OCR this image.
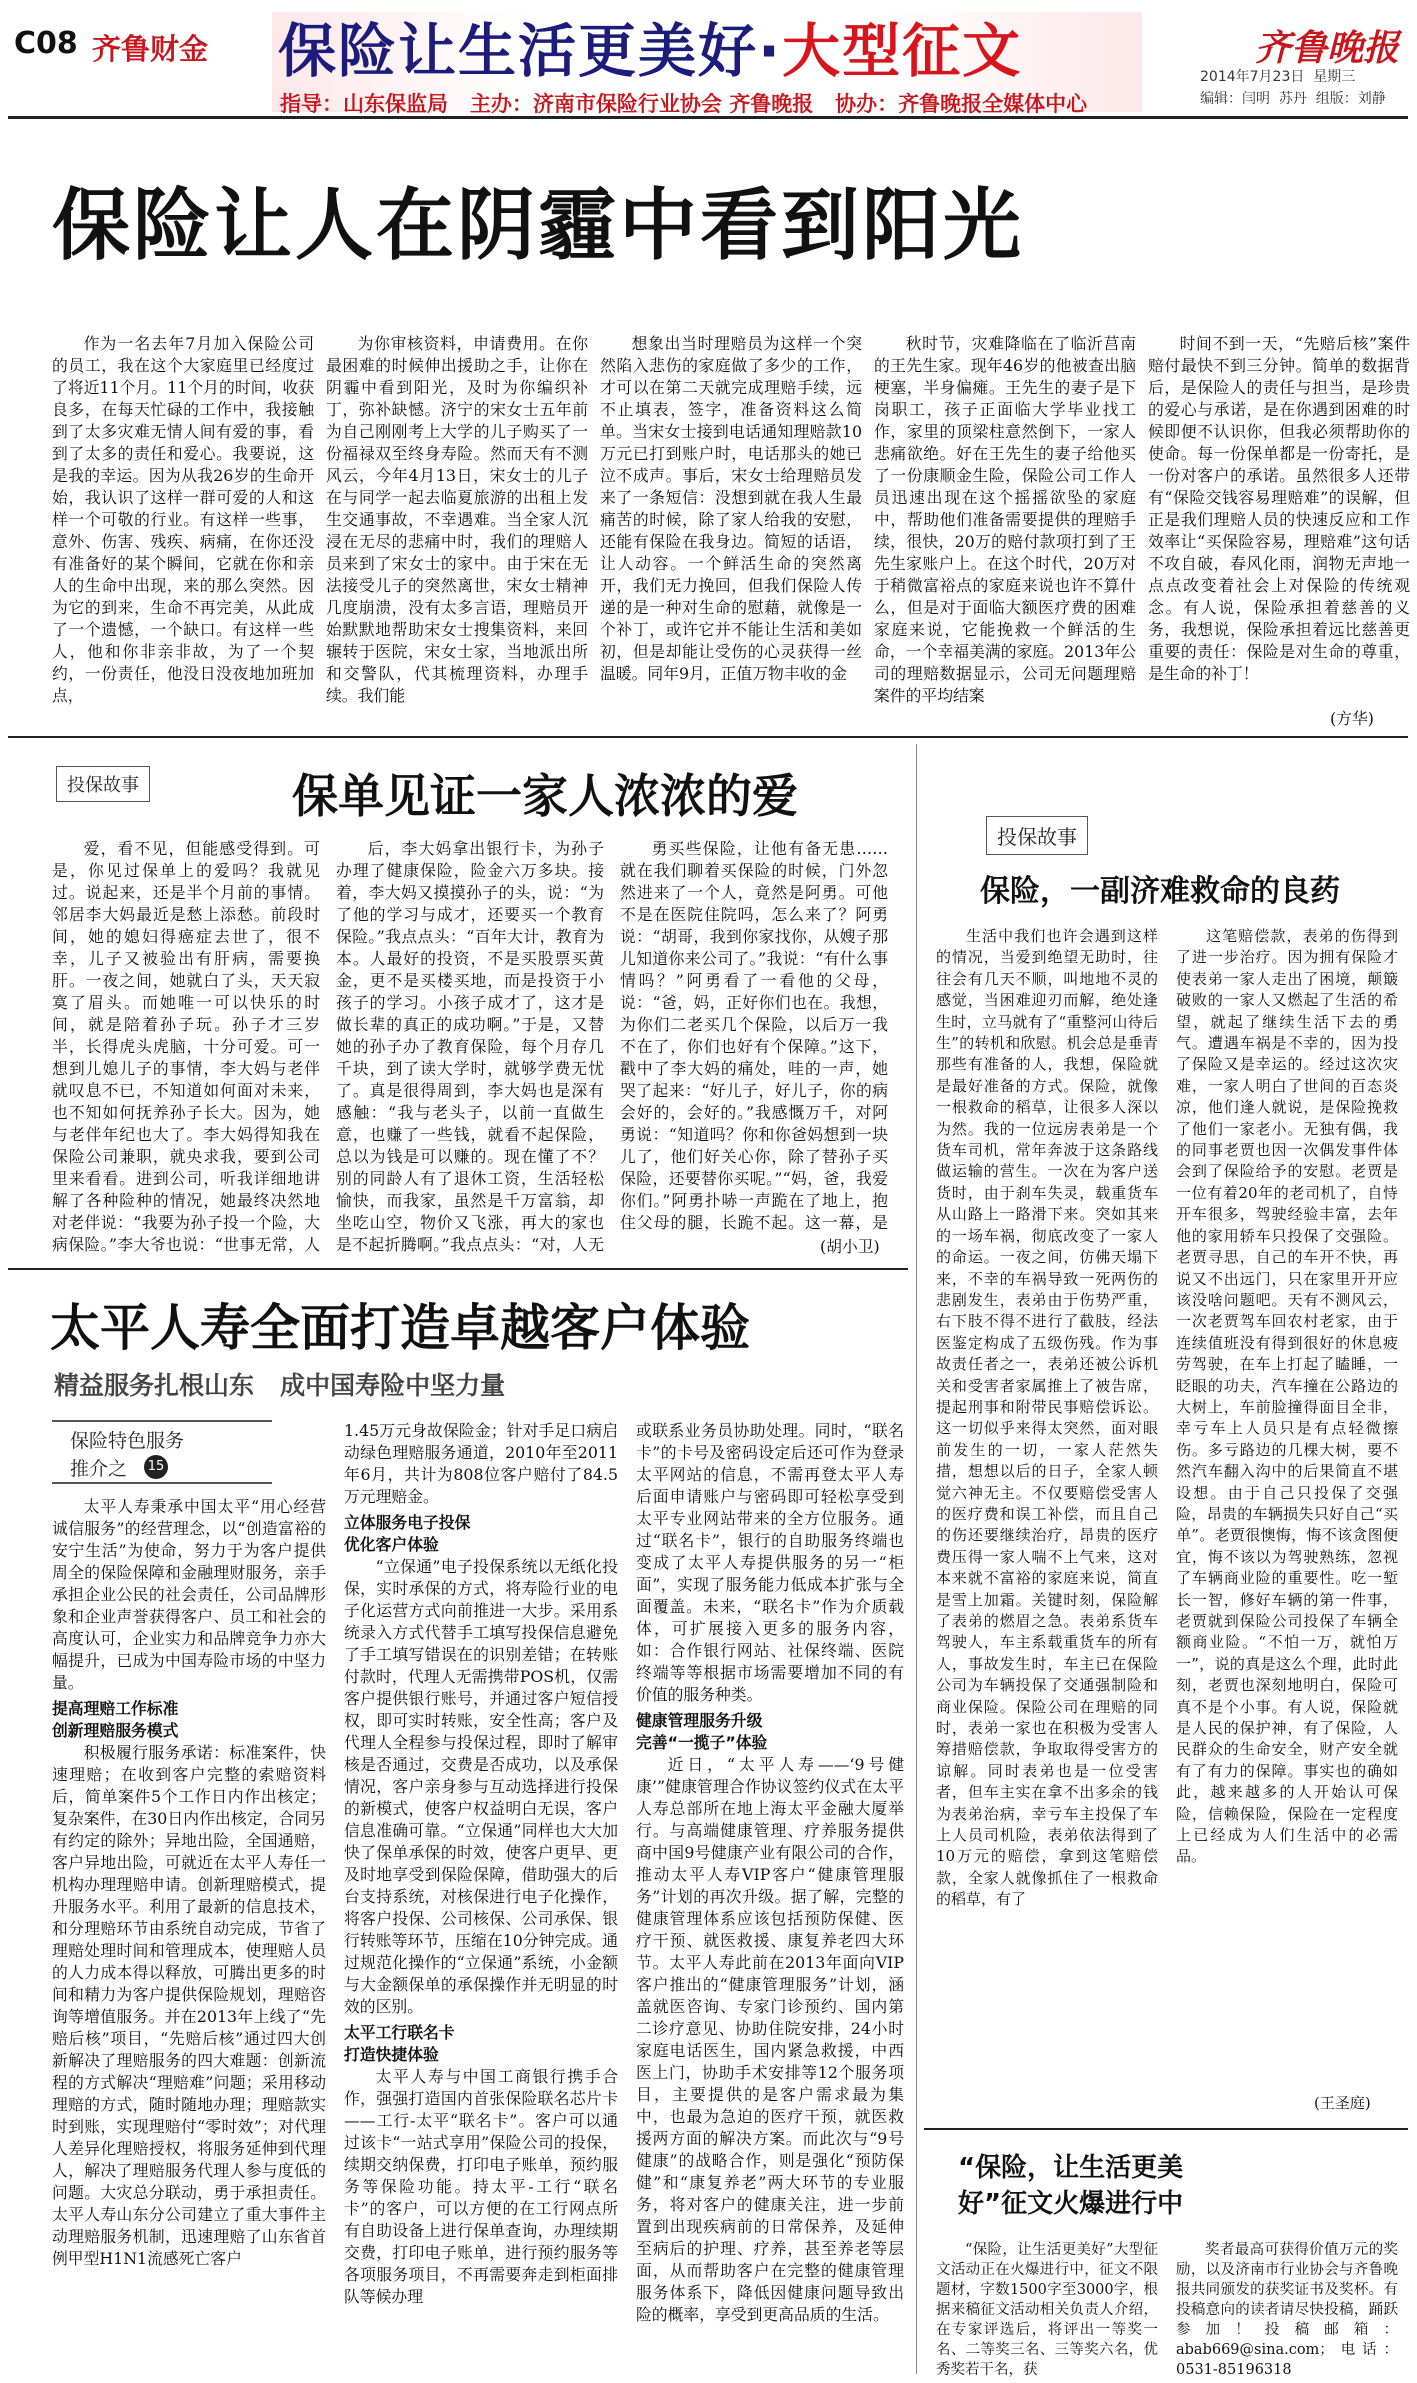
C08 齐鲁财金 保险让生活更美好·大型征文
指导：山东保监局   主办：济南市保险行业协会 齐鲁晚报   协办：齐鲁晚报全媒体中心
齐鲁晚报
2014年7月23日  星期三
编辑：闫明  苏丹  组版：刘静
保险让人在阴霾中看到阳光

作为一名去年7月加入保险公司的员工，我在这个大家庭里已经度过了将近11个月。11个月的时间，收获良多，在每天忙碌的工作中，我接触到了太多灾难无情人间有爱的事，看到了太多的责任和爱心。我要说，这是我的幸运。因为从我26岁的生命开始，我认识了这样一群可爱的人和这样一个可敬的行业。有这样一些事，意外、伤害、残疾、病痛，在你还没有准备好的某个瞬间，它就在你和亲人的生命中出现，来的那么突然。因为它的到来，生命不再完美，从此成了一个遗憾，一个缺口。有这样一些人，他和你非亲非故，为了一个契约，一份责任，他没日没夜地加班加点，

为你审核资料，申请费用。在你最困难的时候伸出援助之手，让你在阴霾中看到阳光，及时为你编织补丁，弥补缺憾。济宁的宋女士五年前为自己刚刚考上大学的儿子购买了一份福禄双至终身寿险。然而天有不测风云，今年4月13日，宋女士的儿子在与同学一起去临夏旅游的出租上发生交通事故，不幸遇难。当全家人沉浸在无尽的悲痛中时，我们的理赔人员来到了宋女士的家中。由于宋在无法接受儿子的突然离世，宋女士精神几度崩溃，没有太多言语，理赔员开始默默地帮助宋女士搜集资料，来回辗转于医院，宋女士家，当地派出所和交警队，代其梳理资料，办理手续。我们能

想象出当时理赔员为这样一个突然陷入悲伤的家庭做了多少的工作，才可以在第二天就完成理赔手续，远不止填表，签字，准备资料这么简单。当宋女士接到电话通知理赔款10万元已打到账户时，电话那头的她已泣不成声。事后，宋女士给理赔员发来了一条短信：没想到就在我人生最痛苦的时候，除了家人给我的安慰，还能有保险在我身边。简短的话语，让人动容。一个鲜活生命的突然离开，我们无力挽回，但我们保险人传递的是一种对生命的慰藉，就像是一个补丁，或许它并不能让生活和美如初，但是却能让受伤的心灵获得一丝温暖。同年9月，正值万物丰收的金

秋时节，灾难降临在了临沂莒南的王先生家。现年46岁的他被查出脑梗塞，半身偏瘫。王先生的妻子是下岗职工，孩子正面临大学毕业找工作，家里的顶梁柱意然倒下，一家人悲痛欲绝。好在王先生的妻子给他买了一份康顺金生险，保险公司工作人员迅速出现在这个摇摇欲坠的家庭中，帮助他们准备需要提供的理赔手续，很快，20万的赔付款项打到了王先生家账户上。在这个时代，20万对于稍微富裕点的家庭来说也许不算什么，但是对于面临大额医疗费的困难家庭来说，它能挽救一个鲜活的生命，一个幸福美满的家庭。2013年公司的理赔数据显示，公司无问题理赔案件的平均结案

时间不到一天，“先赔后核”案件赔付最快不到三分钟。简单的数据背后，是保险人的责任与担当，是珍贵的爱心与承诺，是在你遇到困难的时候即便不认识你，但我必须帮助你的使命。每一份保单都是一份寄托，是一份对客户的承诺。虽然很多人还带有“保险交钱容易理赔难”的误解，但正是我们理赔人员的快速反应和工作效率让“买保险容易，理赔难”这句话不攻自破，春风化雨，润物无声地一点点改变着社会上对保险的传统观念。有人说，保险承担着慈善的义务，我想说，保险承担着远比慈善更重要的责任：保险是对生命的尊重，是生命的补丁！

(方华)
投保故事	保单见证一家人浓浓的爱

爱，看不见，但能感受得到。可是，你见过保单上的爱吗？我就见过。说起来，还是半个月前的事情。邻居李大妈最近是愁上添愁。前段时间，她的媳妇得癌症去世了，很不幸，儿子又被验出有肝病，需要换肝。一夜之间，她就白了头，天天寂寞了眉头。而她唯一可以快乐的时间，就是陪着孙子玩。孙子才三岁半，长得虎头虎脑，十分可爱。可一想到儿媳儿子的事情，李大妈与老伴就叹息不已，不知道如何面对未来，也不知如何抚养孙子长大。因为，她与老伴年纪也大了。李大妈得知我在保险公司兼职，就央求我，要到公司里来看看。进到公司，听我详细地讲解了各种险种的情况，她最终决然地对老伴说：“我要为孙子投一个险，大病保险。”李大爷也说：“世事无常，人

后，李大妈拿出银行卡，为孙子办理了健康保险，险金六万多块。接着，李大妈又摸摸孙子的头，说：“为了他的学习与成才，还要买一个教育保险。”我点点头：“百年大计，教育为本。人最好的投资，不是买股票买黄金，更不是买楼买地，而是投资于小孩子的学习。小孩子成才了，这才是做长辈的真正的成功啊。”于是，又替她的孙子办了教育保险，每个月存几千块，到了读大学时，就够学费无忧了。真是很得周到，李大妈也是深有感触：“我与老头子，以前一直做生意，也赚了一些钱，就看不起保险，总以为钱是可以赚的。现在懂了不？别的同龄人有了退休工资，生活轻松愉快，而我家，虽然是千万富翁，却坐吃山空，物价又飞涨，再大的家也是不起折腾啊。”我点点头：“对，人无

勇买些保险，让他有备无患……就在我们聊着买保险的时候，门外忽然进来了一个人，竟然是阿勇。可他不是在医院住院吗，怎么来了？阿勇说：“胡哥，我到你家找你，从嫂子那儿知道你来公司了。”我说：“有什么事情吗？”阿勇看了一看他的父母，说：“爸，妈，正好你们也在。我想，为你们二老买几个保险，以后万一我不在了，你们也好有个保障。”这下，戳中了李大妈的痛处，哇的一声，她哭了起来：“好儿子，好儿子，你的病会好的，会好的。”我感慨万千，对阿勇说：“知道吗？你和你爸妈想到一块儿了，他们好关心你，除了替孙子买保险，还要替你买呢。”“妈，爸，我爱你们。”阿勇扑哧一声跪在了地上，抱住父母的腿，长跪不起。这一幕，是

(胡小卫)
投保故事
保险，一副济难救命的良药

生活中我们也许会遇到这样的情况，当爱到绝望无助时，往往会有几天不顺，叫地地不灵的感觉，当困难迎刃而解，绝处逢生时，立马就有了“重整河山待后生”的转机和欣慰。机会总是垂青那些有准备的人，我想，保险就是最好准备的方式。保险，就像一根救命的稻草，让很多人深以为然。我的一位远房表弟是一个货车司机，常年奔波于这条路线做运输的营生。一次在为客户送货时，由于刹车失灵，载重货车从山路上一路滑下来。突如其来的一场车祸，彻底改变了一家人的命运。一夜之间，仿佛天塌下来，不幸的车祸导致一死两伤的悲剧发生，表弟由于伤势严重，右下肢不得不进行了截肢，经法医鉴定构成了五级伤残。作为事故责任者之一，表弟还被公诉机关和受害者家属推上了被告席，提起刑事和附带民事赔偿诉讼。这一切似乎来得太突然，面对眼前发生的一切，一家人茫然失措，想想以后的日子，全家人顿觉六神无主。不仅要赔偿受害人的医疗费和误工补偿，而且自己的伤还要继续治疗，昂贵的医疗费压得一家人喘不上气来，这对本来就不富裕的家庭来说，简直是雪上加霜。关键时刻，保险解了表弟的燃眉之急。表弟系货车驾驶人，车主系载重货车的所有人，事故发生时，车主已在保险公司为车辆投保了交通强制险和商业保险。保险公司在理赔的同时，表弟一家也在积极为受害人筹措赔偿款，争取取得受害方的谅解。同时表弟也是一位受害者，但车主实在拿不出多余的钱为表弟治病，幸亏车主投保了车上人员司机险，表弟依法得到了10万元的赔偿，拿到这笔赔偿款，全家人就像抓住了一根救命的稻草，有了

这笔赔偿款，表弟的伤得到了进一步治疗。因为拥有保险才使表弟一家人走出了困境，颠簸破败的一家人又燃起了生活的希望，就起了继续生活下去的勇气。遭遇车祸是不幸的，因为投了保险又是幸运的。经过这次灾难，一家人明白了世间的百态炎凉，他们逢人就说，是保险挽救了他们一家老小。无独有偶，我的同事老贾也因一次偶发事件体会到了保险给予的安慰。老贾是一位有着20年的老司机了，自恃开车很多，驾驶经验丰富，去年他的家用轿车只投保了交强险。老贾寻思，自己的车开不快，再说又不出远门，只在家里开开应该没啥问题吧。天有不测风云，一次老贾驾车回农村老家，由于连续值班没有得到很好的休息疲劳驾驶，在车上打起了瞌睡，一眨眼的功夫，汽车撞在公路边的大树上，车前脸撞得面目全非，幸亏车上人员只是有点轻微擦伤。多亏路边的几棵大树，要不然汽车翻入沟中的后果简直不堪设想。由于自己只投保了交强险，昂贵的车辆损失只好自己“买单”。老贾很懊悔，悔不该贪图便宜，悔不该以为驾驶熟练，忽视了车辆商业险的重要性。吃一堑长一智，修好车辆的第一件事，老贾就到保险公司投保了车辆全额商业险。“不怕一万，就怕万一”，说的真是这么个理，此时此刻，老贾也深刻地明白，保险可真不是个小事。有人说，保险就是人民的保护神，有了保险，人民群众的生命安全，财产安全就有了有力的保障。事实也的确如此，越来越多的人开始认可保险，信赖保险，保险在一定程度上已经成为人们生活中的必需品。

(王圣庭)
“保险，让生活更美好”征文火爆进行中

“保险，让生活更美好”大型征文活动正在火爆进行中，征文不限题材，字数1500字至3000字，根据来稿征文活动相关负责人介绍，在专家评选后，将评出一等奖一名、二等奖三名、三等奖六名，优秀奖若干名，获

奖者最高可获得价值万元的奖励，以及济南市行业协会与齐鲁晚报共同颁发的获奖证书及奖杯。有投稿意向的读者请尽快投稿，踊跃参加！投稿邮箱：abab669@sina.com；电话：0531-85196318

太平人寿全面打造卓越客户体验
精益服务扎根山东   成中国寿险中坚力量
保险特色服务
推介之 15

太平人寿秉承中国太平“用心经营 诚信服务”的经营理念，以“创造富裕的安宁生活”为使命，努力于为客户提供周全的保险保障和金融理财服务，亲手承担企业公民的社会责任，公司品牌形象和企业声誉获得客户、员工和社会的高度认可，企业实力和品牌竞争力亦大幅提升，已成为中国寿险市场的中坚力量。

提高理赔工作标准
创新理赔服务模式

积极履行服务承诺：标准案件，快速理赔；在收到客户完整的索赔资料后，简单案件5个工作日内作出核定；复杂案件，在30日内作出核定，合同另有约定的除外；异地出险，全国通赔，客户异地出险，可就近在太平人寿任一机构办理理赔申请。创新理赔模式，提升服务水平。利用了最新的信息技术，和分理赔环节由系统自动完成，节省了理赔处理时间和管理成本，使理赔人员的人力成本得以释放，可腾出更多的时间和精力为客户提供保险规划，理赔咨询等增值服务。并在2013年上线了“先赔后核”项目，“先赔后核”通过四大创新解决了理赔服务的四大难题：创新流程的方式解决“理赔难”问题；采用移动理赔的方式，随时随地办理；理赔款实时到账，实现理赔付“零时效”；对代理人差异化理赔授权，将服务延伸到代理人，解决了理赔服务代理人参与度低的问题。大灾总分联动，勇于承担责任。太平人寿山东分公司建立了重大事件主动理赔服务机制，迅速理赔了山东省首例甲型H1N1流感死亡客户

1.45万元身故保险金；针对手足口病启动绿色理赔服务通道，2010年至2011年6月，共计为808位客户赔付了84.5万元理赔金。

立体服务电子投保
优化客户体验

“立保通”电子投保系统以无纸化投保，实时承保的方式，将寿险行业的电子化运营方式向前推进一大步。采用系统录入方式代替手工填写投保信息避免了手工填写错误在的识别差错；在转账付款时，代理人无需携带POS机，仅需客户提供银行账号，并通过客户短信授权，即可实时转账，安全性高；客户及代理人全程参与投保过程，即时了解审核是否通过，交费是否成功，以及承保情况，客户亲身参与互动选择进行投保的新模式，使客户权益明白无误，客户信息准确可靠。“立保通”同样也大大加快了保单承保的时效，使客户更早、更及时地享受到保险保障，借助强大的后台支持系统，对核保进行电子化操作，将客户投保、公司核保、公司承保、银行转账等环节，压缩在10分钟完成。通过规范化操作的“立保通”系统，小金额与大金额保单的承保操作并无明显的时效的区别。

太平工行联名卡
打造快捷体验

太平人寿与中国工商银行携手合作，强强打造国内首张保险联名芯片卡——工行-太平“联名卡”。客户可以通过该卡“一站式享用”保险公司的投保，续期交纳保费，打印电子账单，预约服务等保险功能。持太平-工行“联名卡”的客户，可以方便的在工行网点所有自助设备上进行保单查询，办理续期交费，打印电子账单，进行预约服务等各项服务项目，不再需要奔走到柜面排队等候办理

或联系业务员协助处理。同时，“联名卡”的卡号及密码设定后还可作为登录太平网站的信息，不需再登太平人寿后面申请账户与密码即可轻松享受到太平专业网站带来的全方位服务。通过“联名卡”，银行的自助服务终端也变成了太平人寿提供服务的另一“柜面”，实现了服务能力低成本扩张与全面覆盖。未来，“联名卡”作为介质载体，可扩展接入更多的服务内容，如：合作银行网站、社保终端、医院终端等等根据市场需要增加不同的有价值的服务种类。

健康管理服务升级
完善“一揽子”体验

近日，“太平人寿——‘9号健康’”健康管理合作协议签约仪式在太平人寿总部所在地上海太平金融大厦举行。与高端健康管理、疗养服务提供商中国9号健康产业有限公司的合作，推动太平人寿VIP客户“健康管理服务”计划的再次升级。据了解，完整的健康管理体系应该包括预防保健、医疗干预、就医救援、康复养老四大环节。太平人寿此前在2013年面向VIP客户推出的“健康管理服务”计划，涵盖就医咨询、专家门诊预约、国内第二诊疗意见、协助住院安排，24小时家庭电话医生，国内紧急救援，中西医上门，协助手术安排等12个服务项目，主要提供的是客户需求最为集中，也最为急迫的医疗干预，就医救援两方面的解决方案。而此次与“9号健康”的战略合作，则是强化“预防保健”和“康复养老”两大环节的专业服务，将对客户的健康关注，进一步前置到出现疾病前的日常保养，及延伸至病后的护理、疗养，甚至养老等层面，从而帮助客户在完整的健康管理服务体系下，降低因健康问题导致出险的概率，享受到更高品质的生活。
